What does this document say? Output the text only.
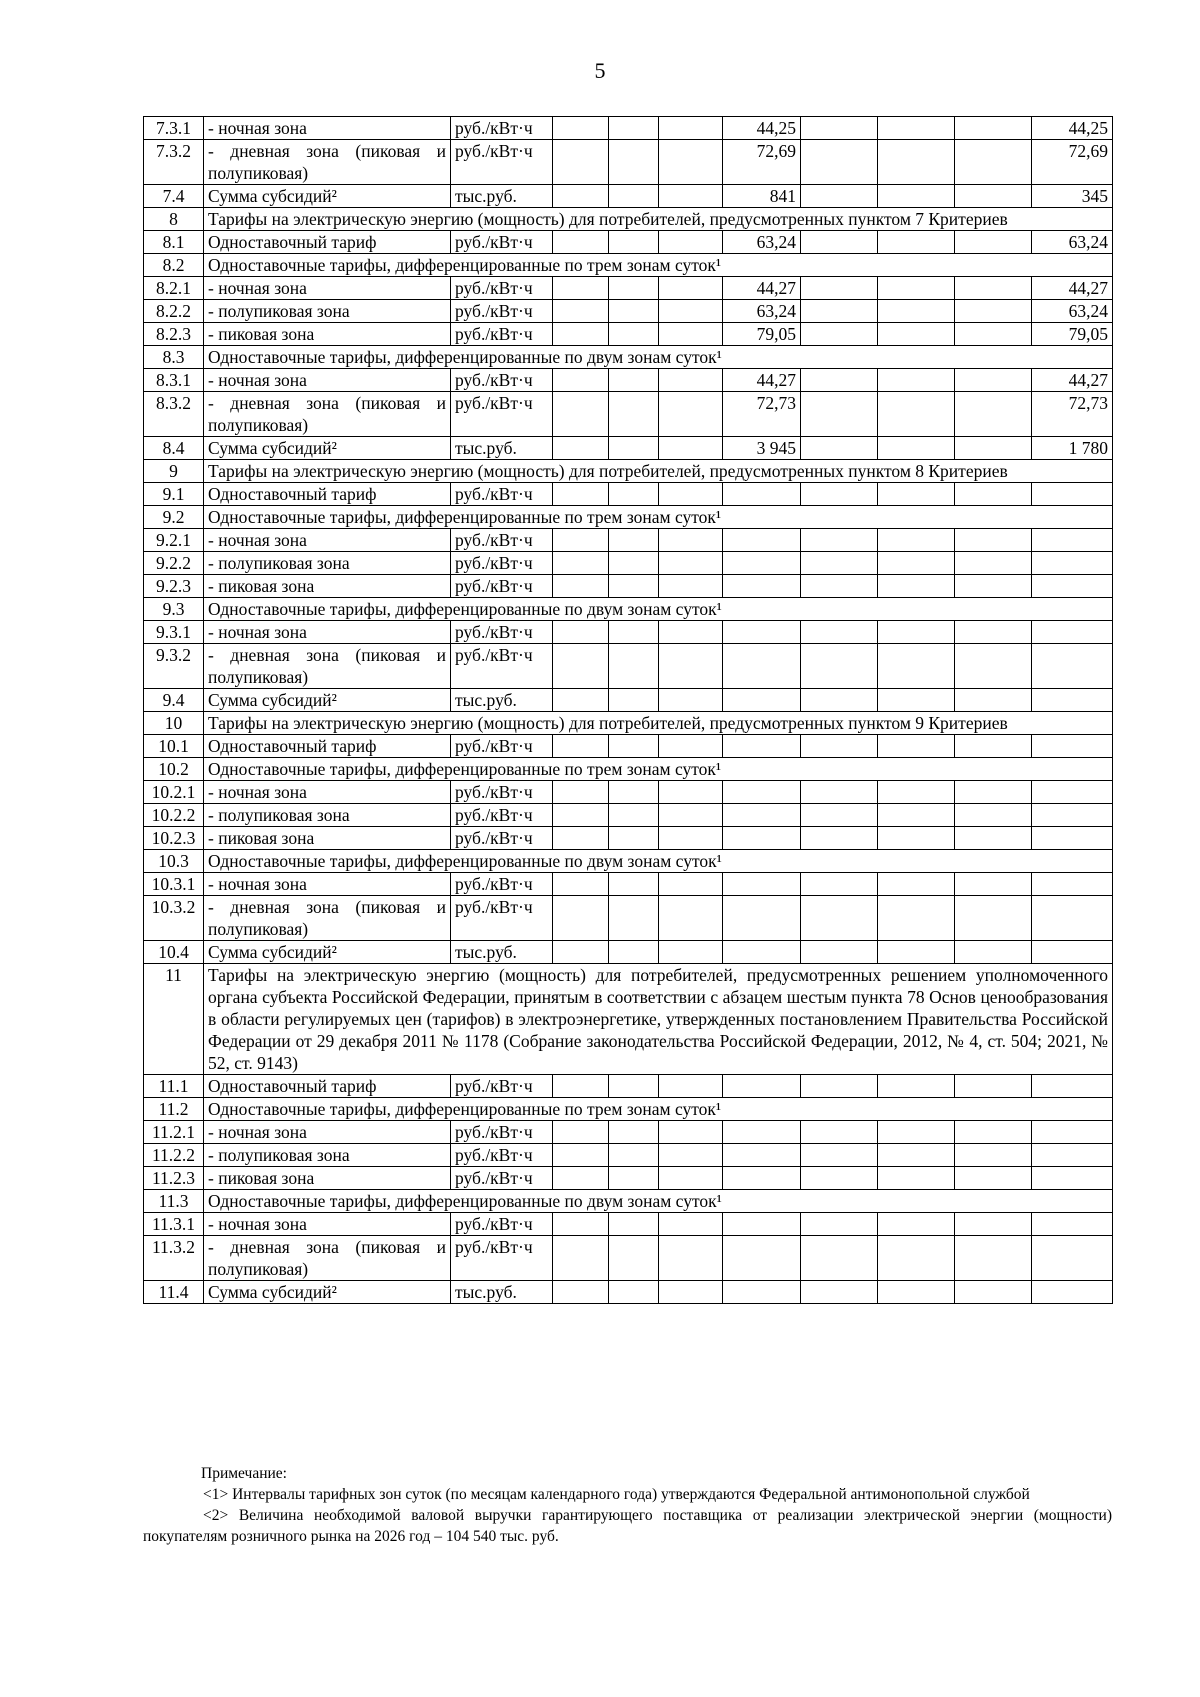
5
7.3.1	- ночная зона	руб./кВт·ч				44,25				44,25
7.3.2	- дневная зона (пиковая и полупиковая)	руб./кВт·ч				72,69				72,69
7.4	Сумма субсидий²	тыс.руб.				841				345
8	Тарифы на электрическую энергию (мощность) для потребителей, предусмотренных пунктом 7 Критериев									
8.1	Одноставочный тариф	руб./кВт·ч				63,24				63,24
8.2	Одноставочные тарифы, дифференцированные по трем зонам суток¹									
8.2.1	- ночная зона	руб./кВт·ч				44,27				44,27
8.2.2	- полупиковая зона	руб./кВт·ч				63,24				63,24
8.2.3	- пиковая зона	руб./кВт·ч				79,05				79,05
8.3	Одноставочные тарифы, дифференцированные по двум зонам суток¹									
8.3.1	- ночная зона	руб./кВт·ч				44,27				44,27
8.3.2	- дневная зона (пиковая и полупиковая)	руб./кВт·ч				72,73				72,73
8.4	Сумма субсидий²	тыс.руб.				3 945				1 780
9	Тарифы на электрическую энергию (мощность) для потребителей, предусмотренных пунктом 8 Критериев									
9.1	Одноставочный тариф	руб./кВт·ч								
9.2	Одноставочные тарифы, дифференцированные по трем зонам суток¹									
9.2.1	- ночная зона	руб./кВт·ч								
9.2.2	- полупиковая зона	руб./кВт·ч								
9.2.3	- пиковая зона	руб./кВт·ч								
9.3	Одноставочные тарифы, дифференцированные по двум зонам суток¹									
9.3.1	- ночная зона	руб./кВт·ч								
9.3.2	- дневная зона (пиковая и полупиковая)	руб./кВт·ч								
9.4	Сумма субсидий²	тыс.руб.								
10	Тарифы на электрическую энергию (мощность) для потребителей, предусмотренных пунктом 9 Критериев									
10.1	Одноставочный тариф	руб./кВт·ч								
10.2	Одноставочные тарифы, дифференцированные по трем зонам суток¹									
10.2.1	- ночная зона	руб./кВт·ч								
10.2.2	- полупиковая зона	руб./кВт·ч								
10.2.3	- пиковая зона	руб./кВт·ч								
10.3	Одноставочные тарифы, дифференцированные по двум зонам суток¹									
10.3.1	- ночная зона	руб./кВт·ч								
10.3.2	- дневная зона (пиковая и полупиковая)	руб./кВт·ч								
10.4	Сумма субсидий²	тыс.руб.								
11	Тарифы на электрическую энергию (мощность) для потребителей, предусмотренных решением уполномоченного органа субъекта Российской Федерации, принятым в соответствии с абзацем шестым пункта 78 Основ ценообразования в области регулируемых цен (тарифов) в электроэнергетике, утвержденных постановлением Правительства Российской Федерации от 29 декабря 2011 № 1178 (Собрание законодательства Российской Федерации, 2012, № 4, ст. 504; 2021, № 52, ст. 9143)									
11.1	Одноставочный тариф	руб./кВт·ч								
11.2	Одноставочные тарифы, дифференцированные по трем зонам суток¹									
11.2.1	- ночная зона	руб./кВт·ч								
11.2.2	- полупиковая зона	руб./кВт·ч								
11.2.3	- пиковая зона	руб./кВт·ч								
11.3	Одноставочные тарифы, дифференцированные по двум зонам суток¹									
11.3.1	- ночная зона	руб./кВт·ч								
11.3.2	- дневная зона (пиковая и полупиковая)	руб./кВт·ч								
11.4	Сумма субсидий²	тыс.руб.								

Примечание:

<1> Интервалы тарифных зон суток (по месяцам календарного года) утверждаются Федеральной антимонопольной службой

<2> Величина необходимой валовой выручки гарантирующего поставщика от реализации электрической энергии (мощности) покупателям розничного рынка на 2026 год – 104 540 тыс. руб.
